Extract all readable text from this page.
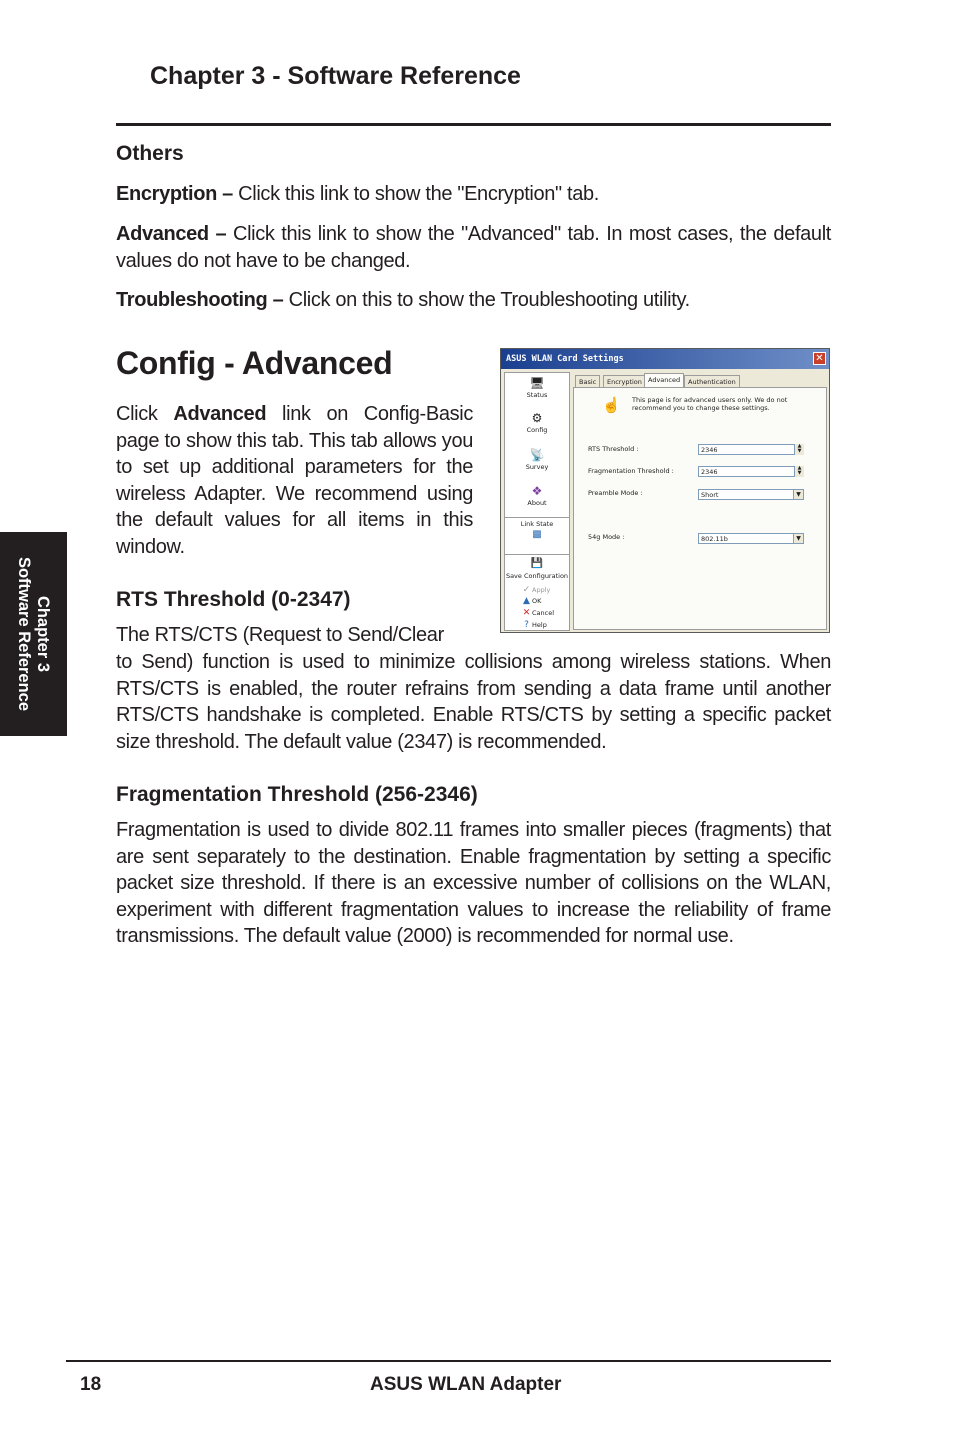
Chapter 3 - Software Reference
Chapter 3
Software Reference
Others
Encryption – Click this link to show the "Encryption" tab.
Advanced – Click this link to show the "Advanced" tab. In most cases, the default values do not have to be changed.
Troubleshooting – Click on this to show the Troubleshooting utility.
Config - Advanced
Click Advanced link on Config-Basic page to show this tab. This tab allows you to set up additional parameters for the wireless Adapter. We recommend using the default values for all items in this window.
RTS Threshold (0-2347)
The RTS/CTS (Request to Send/Clear
to Send) function is used to minimize collisions among wireless stations. When RTS/CTS is enabled, the router refrains from sending a data frame until another RTS/CTS handshake is completed. Enable RTS/CTS by setting a specific packet size threshold. The default value (2347) is recommended.
Fragmentation Threshold (256-2346)
Fragmentation is used to divide 802.11 frames into smaller pieces (fragments) that are sent separately to the destination. Enable fragmentation by setting a specific packet size threshold. If there is an excessive number of collisions on the WLAN, experiment with different fragmentation values to increase the reliability of frame transmissions. The default value (2000) is recommended for normal use.
ASUS WLAN Card Settings	✕
🖥
Status
⚙
Config
📡
Survey
❖
About
Link State
▩
💾
Save Configuration
✓ Apply
▲ OK
✕ Cancel
? Help
Basic	Encryption Advanced	Authentication
☝ This page is for advanced users only. We do not recommend you to change these settings.
RTS Threshold :	2346	▲
▼
Fragmentation Threshold :	2346	▲
▼
Preamble Mode :	Short	▼
54g Mode :	802.11b	▼
18	ASUS WLAN Adapter
